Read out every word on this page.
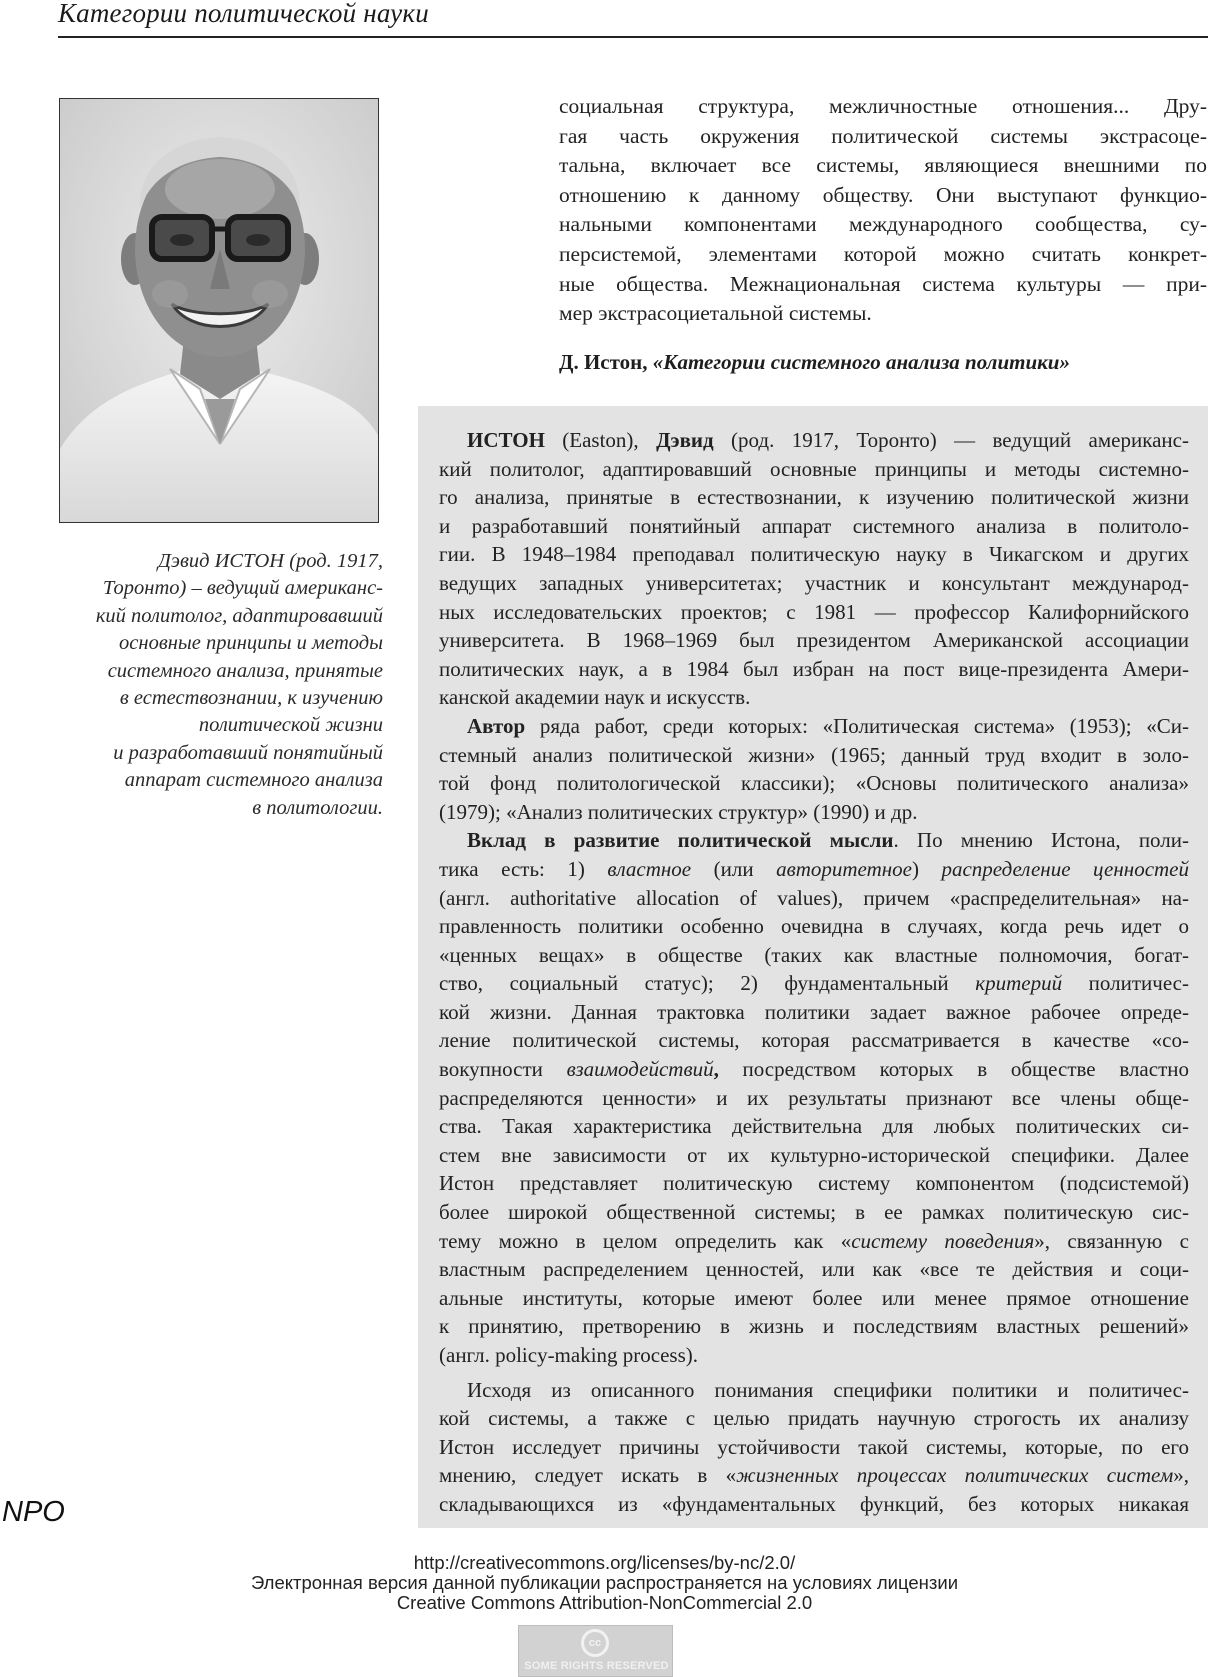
Категории политической науки
Дэвид ИСТОН (род. 1917,
Торонто) – ведущий американс-
кий политолог, адаптировавший
основные принципы и методы
системного анализа, принятые
в естествознании, к изучению
политической жизни
и разработавший понятийный
аппарат системного анализа
в политологии.
социальная структура, межличностные отношения... Дру-
гая часть окружения политической системы экстрасоце-
тальна, включает все системы, являющиеся внешними по
отношению к данному обществу. Они выступают функцио-
нальными компонентами международного сообщества, су-
персистемой, элементами которой можно считать конкрет-
ные общества. Межнациональная система культуры — при-
мер экстрасоциетальной системы.
Д. Истон, «Категории системного анализа политики»
ИСТОН (Easton), Дэвид (род. 1917, Торонто) — ведущий американс-
кий политолог, адаптировавший основные принципы и методы системно-
го анализа, принятые в естествознании, к изучению политической жизни
и разработавший понятийный аппарат системного анализа в политоло-
гии. В 1948–1984 преподавал политическую науку в Чикагском и других
ведущих западных университетах; участник и консультант международ-
ных исследовательских проектов; с 1981 — профессор Калифорнийского
университета. В 1968–1969 был президентом Американской ассоциации
политических наук, а в 1984 был избран на пост вице-президента Амери-
канской академии наук и искусств.
Автор ряда работ, среди которых: «Политическая система» (1953); «Си-
стемный анализ политической жизни» (1965; данный труд входит в золо-
той фонд политологической классики); «Основы политического анализа»
(1979); «Анализ политических структур» (1990) и др.
Вклад в развитие политической мысли. По мнению Истона, поли-
тика есть: 1) властное (или авторитетное) распределение ценностей
(англ. authoritative allocation of values), причем «распределительная» на-
правленность политики особенно очевидна в случаях, когда речь идет о
«ценных вещах» в обществе (таких как властные полномочия, богат-
ство, социальный статус); 2) фундаментальный критерий политичес-
кой жизни. Данная трактовка политики задает важное рабочее опреде-
ление политической системы, которая рассматривается в качестве «со-
вокупности взаимодействий, посредством которых в обществе властно
распределяются ценности» и их результаты признают все члены обще-
ства. Такая характеристика действительна для любых политических си-
стем вне зависимости от их культурно-исторической специфики. Далее
Истон представляет политическую систему компонентом (подсистемой)
более широкой общественной системы; в ее рамках политическую сис-
тему можно в целом определить как «систему поведения», связанную с
властным распределением ценностей, или как «все те действия и соци-
альные институты, которые имеют более или менее прямое отношение
к принятию, претворению в жизнь и последствиям властных решений»
(англ. policy-making process).
Исходя из описанного понимания специфики политики и политичес-
кой системы, а также с целью придать научную строгость их анализу
Истон исследует причины устойчивости такой системы, которые, по его
мнению, следует искать в «жизненных процессах политических систем»,
складывающихся из «фундаментальных функций, без которых никакая
NPO
http://creativecommons.org/licenses/by-nc/2.0/
Электронная версия данной публикации распространяется на условиях лицензии
Creative Commons Attribution-NonCommercial 2.0
cc
SOME RIGHTS RESERVED
